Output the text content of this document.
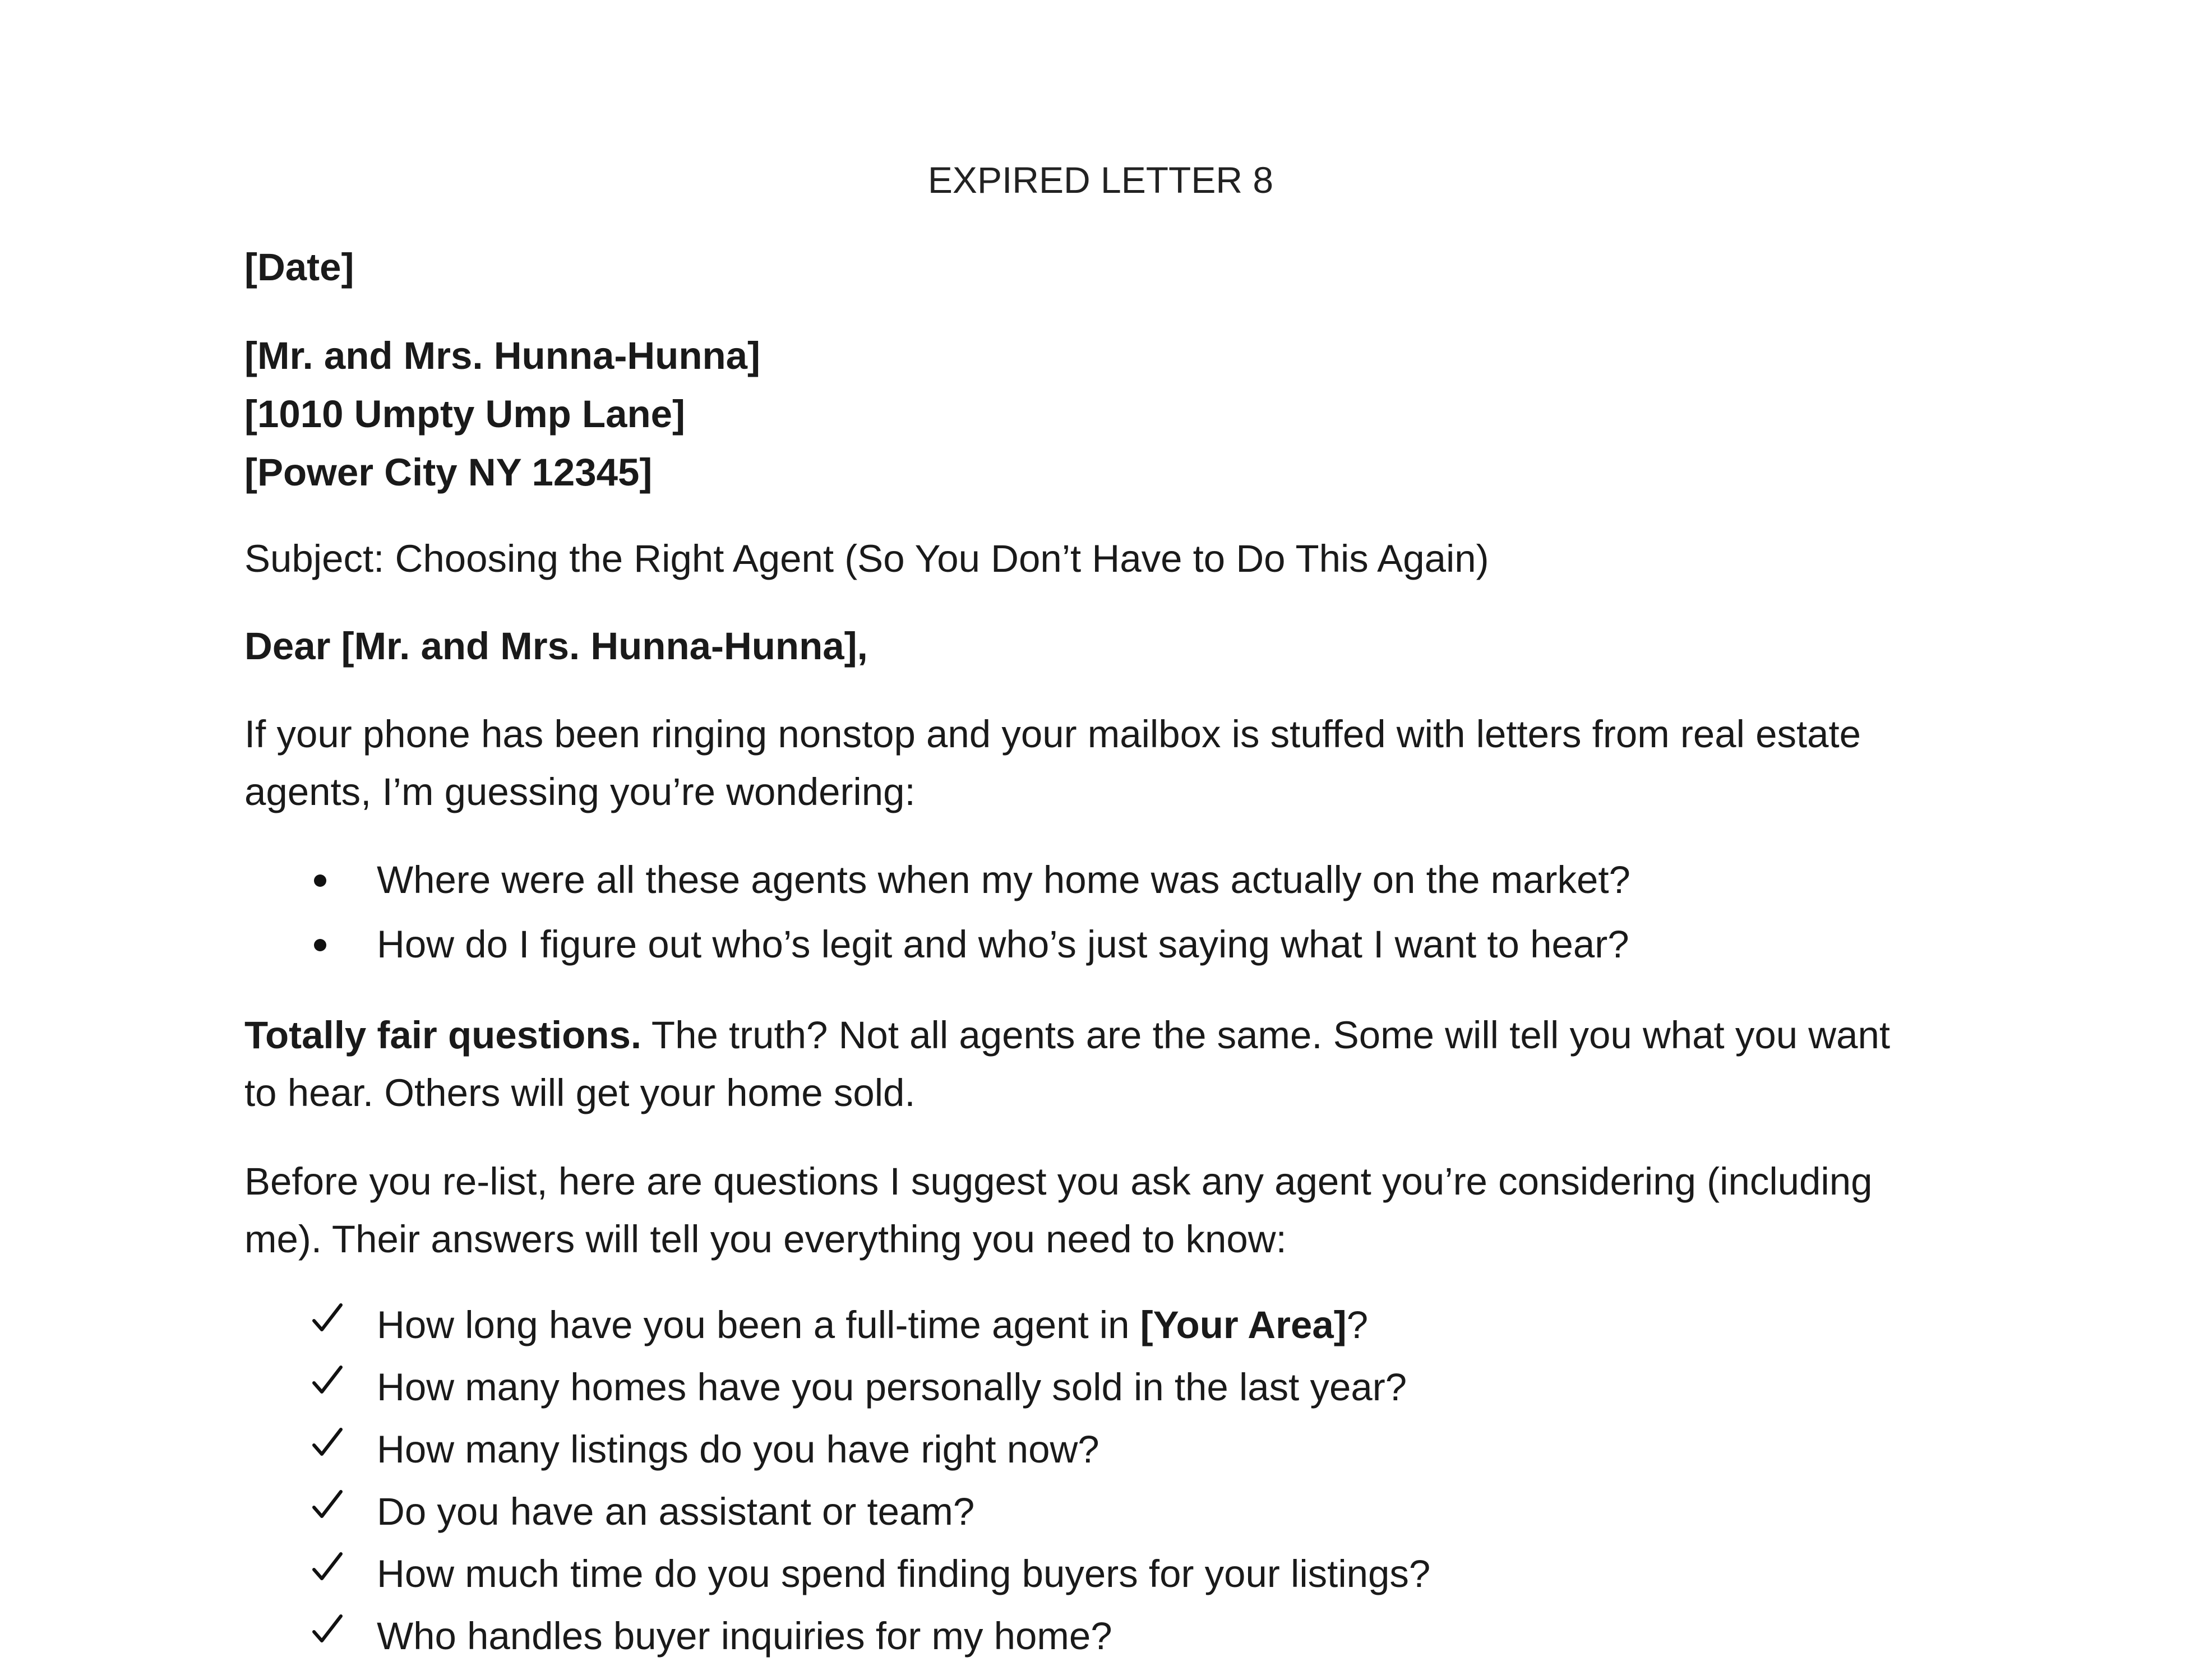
EXPIRED LETTER 8

[Date]

[Mr. and Mrs. Hunna-Hunna]

[1010 Umpty Ump Lane]

[Power City NY 12345]

Subject: Choosing the Right Agent (So You Don’t Have to Do This Again)

Dear [Mr. and Mrs. Hunna-Hunna],

If your phone has been ringing nonstop and your mailbox is stuffed with letters from real estate

agents, I’m guessing you’re wondering:

Where were all these agents when my home was actually on the market?
How do I figure out who’s legit and who’s just saying what I want to hear?

Totally fair questions. The truth? Not all agents are the same. Some will tell you what you want

to hear. Others will get your home sold.

Before you re-list, here are questions I suggest you ask any agent you’re considering (including

me). Their answers will tell you everything you need to know:

How long have you been a full-time agent in [Your Area]?
How many homes have you personally sold in the last year?
How many listings do you have right now?
Do you have an assistant or team?
How much time do you spend finding buyers for your listings?
Who handles buyer inquiries for my home?
